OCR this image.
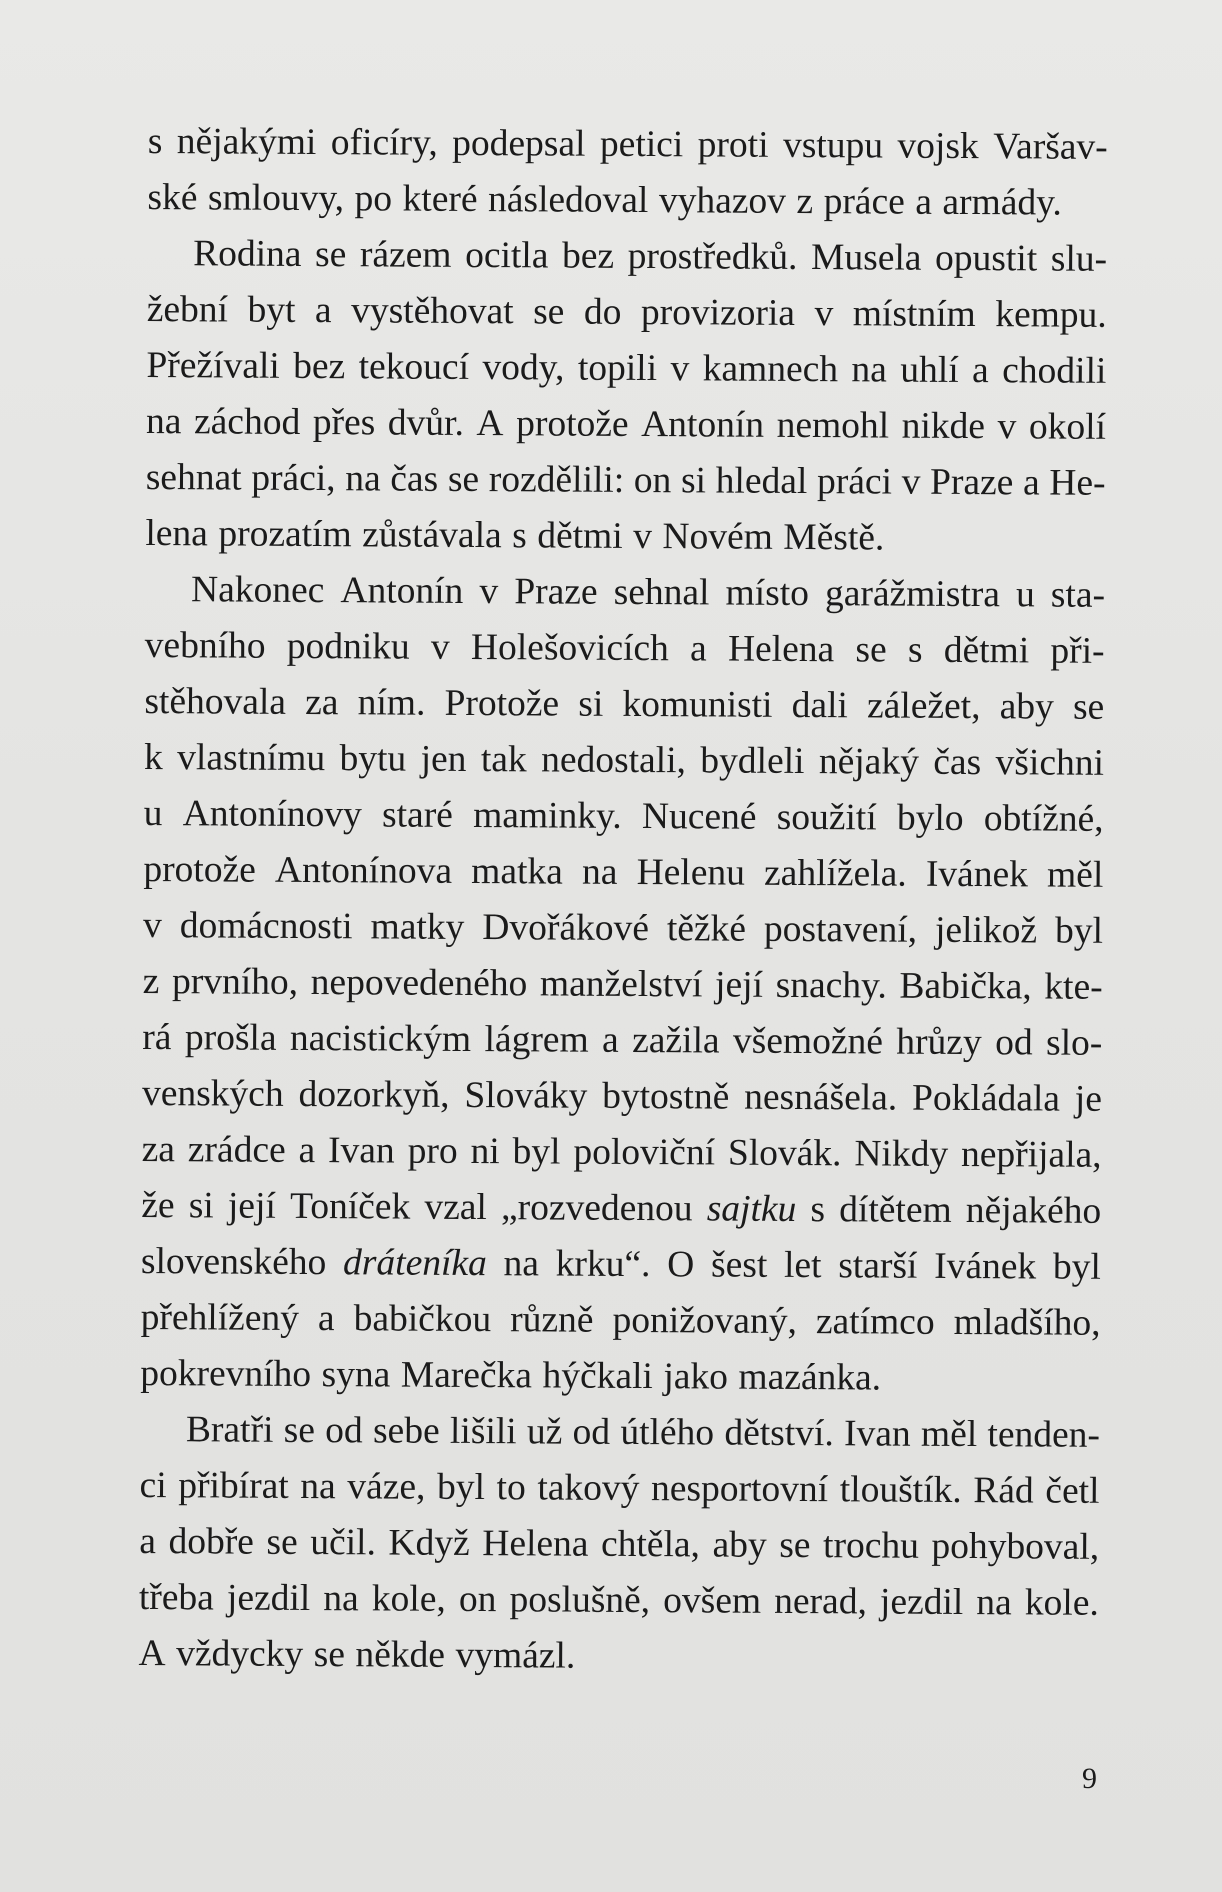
s nějakými oficíry, podepsal petici proti vstupu vojsk Varšav-
ské smlouvy, po které následoval vyhazov z práce a armády.
Rodina se rázem ocitla bez prostředků. Musela opustit slu-
žební byt a vystěhovat se do provizoria v místním kempu.
Přežívali bez tekoucí vody, topili v kamnech na uhlí a chodili
na záchod přes dvůr. A protože Antonín nemohl nikde v okolí
sehnat práci, na čas se rozdělili: on si hledal práci v Praze a He-
lena prozatím zůstávala s dětmi v Novém Městě.
Nakonec Antonín v Praze sehnal místo garážmistra u sta-
vebního podniku v Holešovicích a Helena se s dětmi při-
stěhovala za ním. Protože si komunisti dali záležet, aby se
k vlastnímu bytu jen tak nedostali, bydleli nějaký čas všichni
u Antonínovy staré maminky. Nucené soužití bylo obtížné,
protože Antonínova matka na Helenu zahlížela. Ivánek měl
v domácnosti matky Dvořákové těžké postavení, jelikož byl
z prvního, nepovedeného manželství její snachy. Babička, kte-
rá prošla nacistickým lágrem a zažila všemožné hrůzy od slo-
venských dozorkyň, Slováky bytostně nesnášela. Pokládala je
za zrádce a Ivan pro ni byl poloviční Slovák. Nikdy nepřijala,
že si její Toníček vzal „rozvedenou sajtku s dítětem nějakého
slovenského dráteníka na krku“. O šest let starší Ivánek byl
přehlížený a babičkou různě ponižovaný, zatímco mladšího,
pokrevního syna Marečka hýčkali jako mazánka.
Bratři se od sebe lišili už od útlého dětství. Ivan měl tenden-
ci přibírat na váze, byl to takový nesportovní tlouštík. Rád četl
a dobře se učil. Když Helena chtěla, aby se trochu pohyboval,
třeba jezdil na kole, on poslušně, ovšem nerad, jezdil na kole.
A vždycky se někde vymázl.
9
